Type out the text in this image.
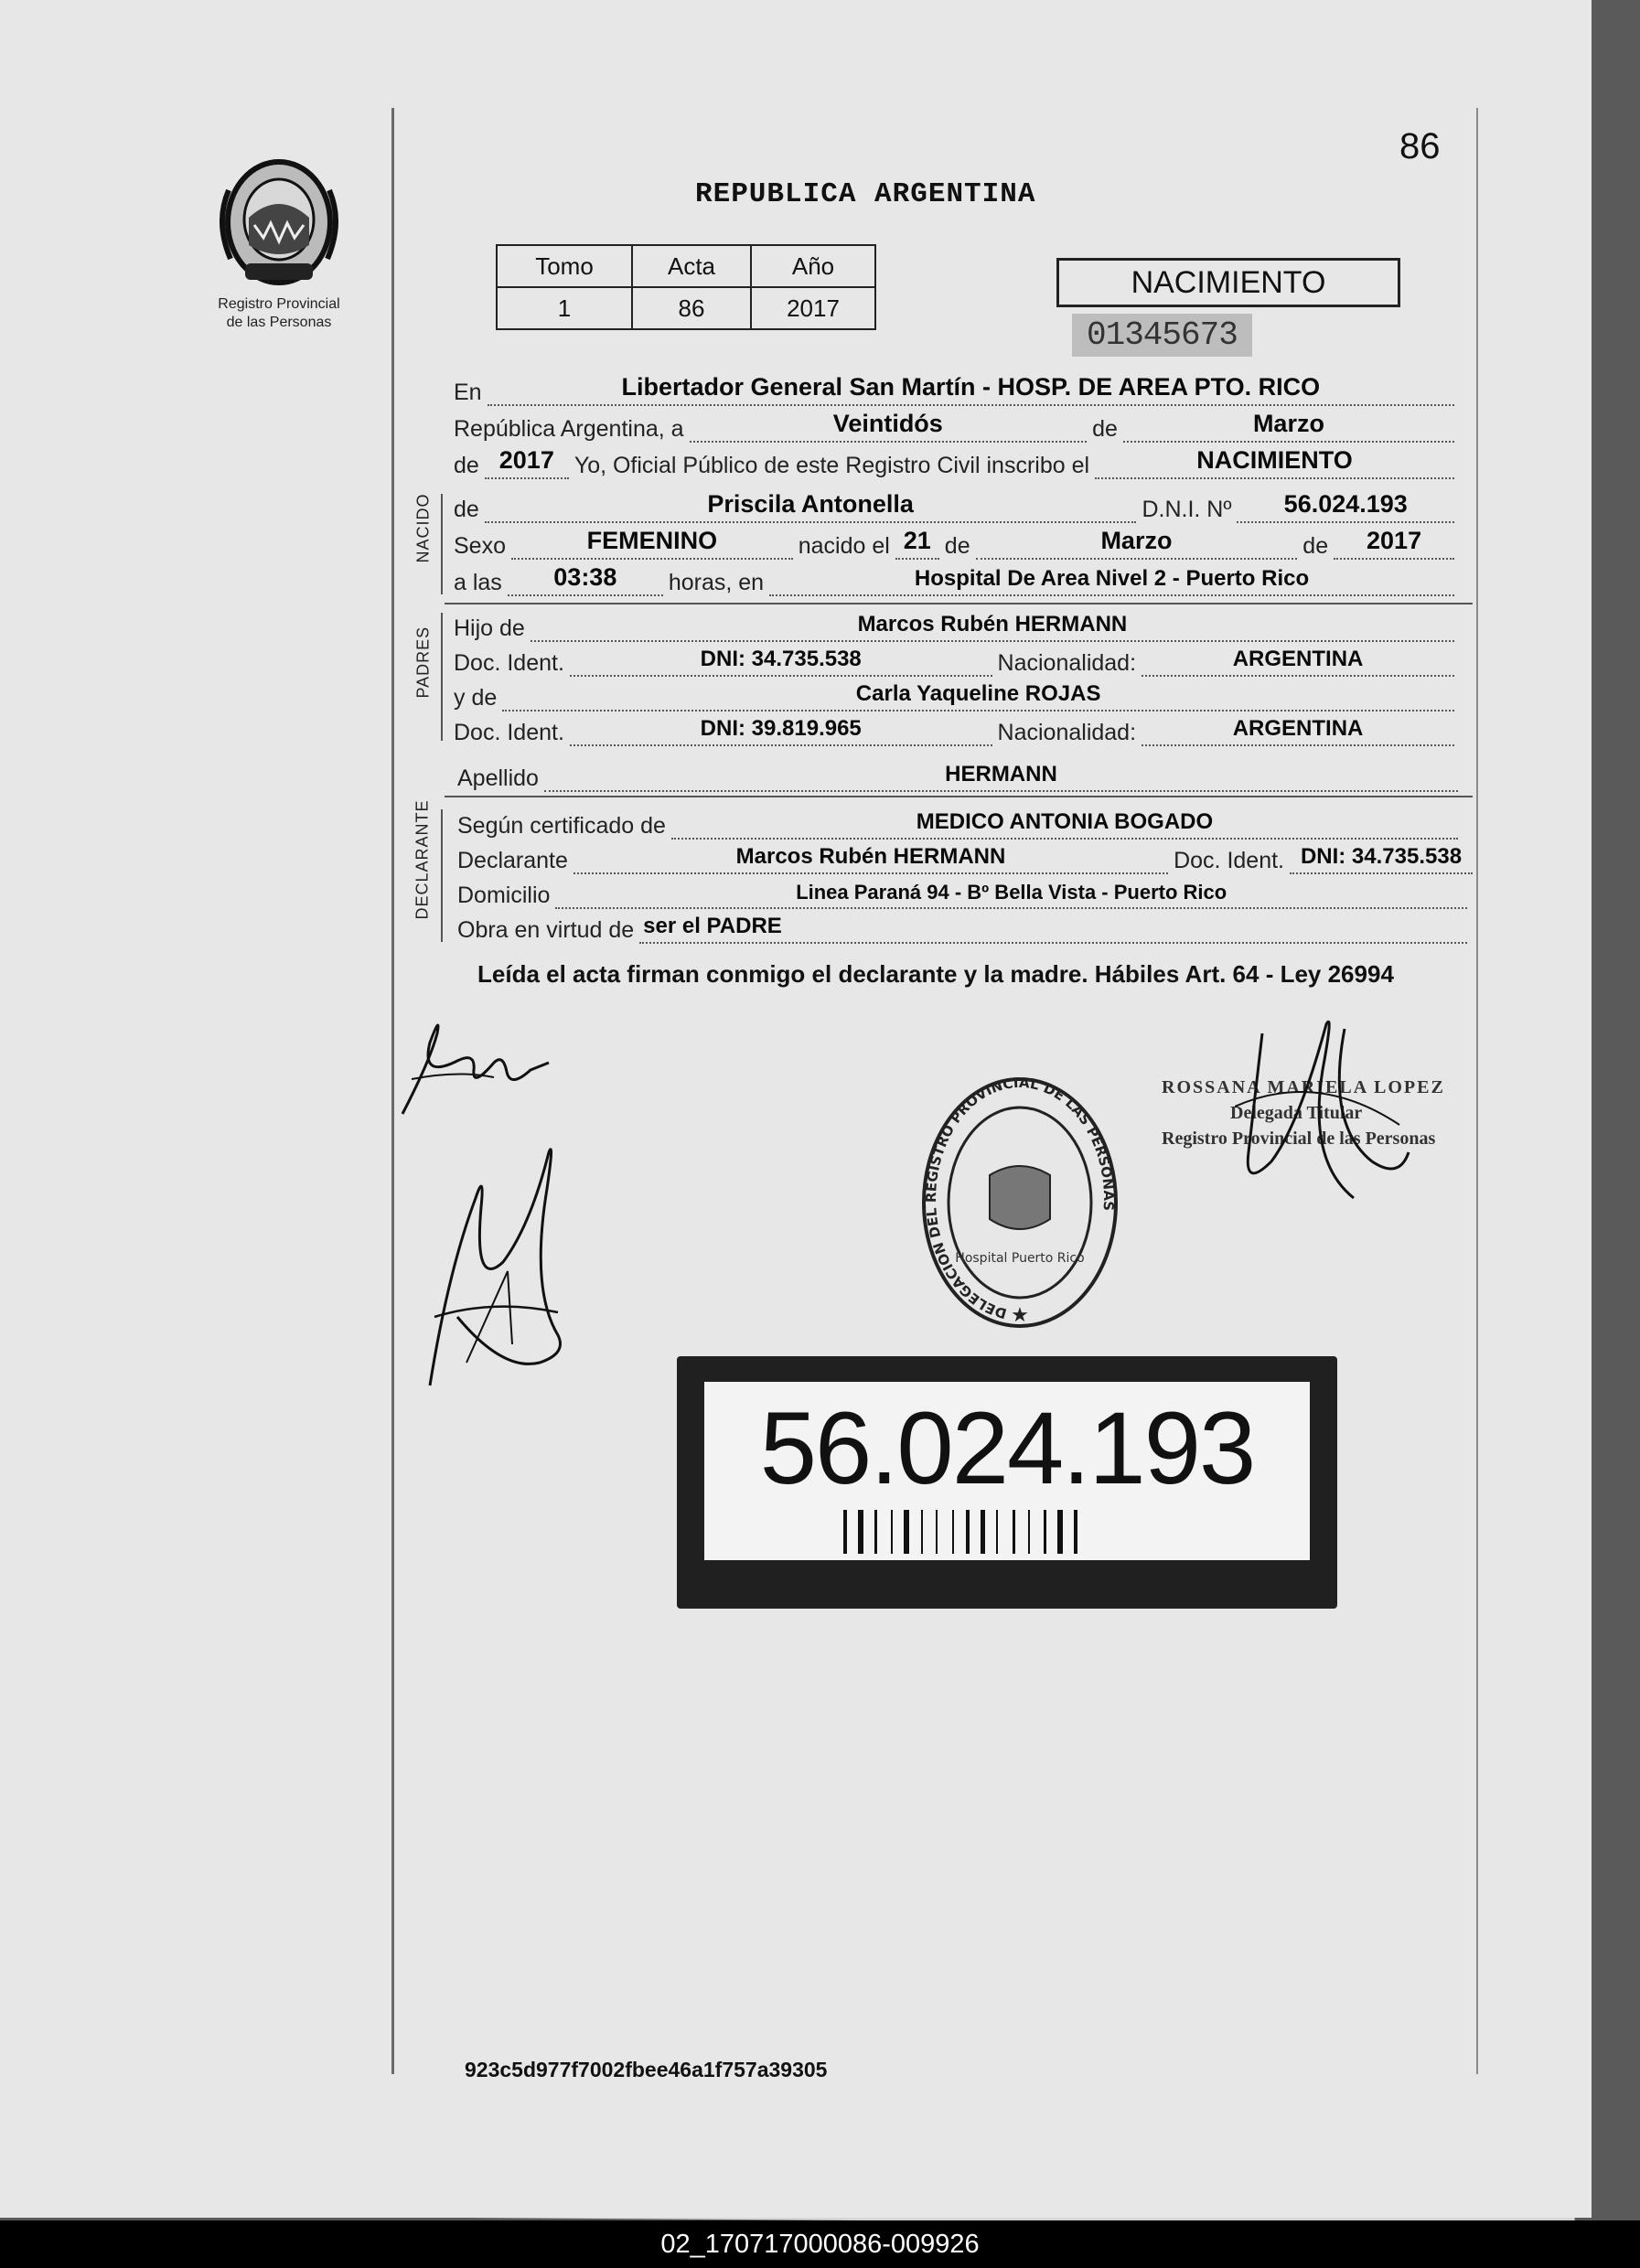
Registro Provincial
de las Personas
86
REPUBLICA ARGENTINA
Tomo	Acta	Año
1	86	2017
NACIMIENTO
01345673
En	Libertador General San Martín - HOSP. DE AREA PTO. RICO
República Argentina, a	Veintidós	de	Marzo
de 2017 Yo, Oficial Público de este Registro Civil inscribo el	NACIMIENTO
NACIDO de	Priscila Antonella	D.N.I. Nº	56.024.193
Sexo	FEMENINO	nacido el 21 de	Marzo	de	2017
a las	03:38	horas, en	Hospital De Area Nivel 2 - Puerto Rico
PADRES Hijo de	Marcos Rubén HERMANN
Doc. Ident.	DNI: 34.735.538	Nacionalidad:	ARGENTINA
y de	Carla Yaqueline ROJAS
Doc. Ident.	DNI: 39.819.965	Nacionalidad:	ARGENTINA
Apellido	HERMANN
DECLARANTE Según certificado de	MEDICO ANTONIA BOGADO
Declarante	Marcos Rubén HERMANN	Doc. Ident. DNI: 34.735.538
Domicilio	Linea Paraná 94 - Bº Bella Vista - Puerto Rico
Obra en virtud de ser el PADRE
Leída el acta firman conmigo el declarante y la madre. Hábiles Art. 64 - Ley 26994
DELEGACION DEL REGISTRO PROVINCIAL DE LAS PERSONAS
Hospital Puerto Rico
★
ROSSANA MARIELA LOPEZ
Delegada Titular
Registro Provincial de las Personas
56.024.193
923c5d977f7002fbee46a1f757a39305
02_170717000086-009926
